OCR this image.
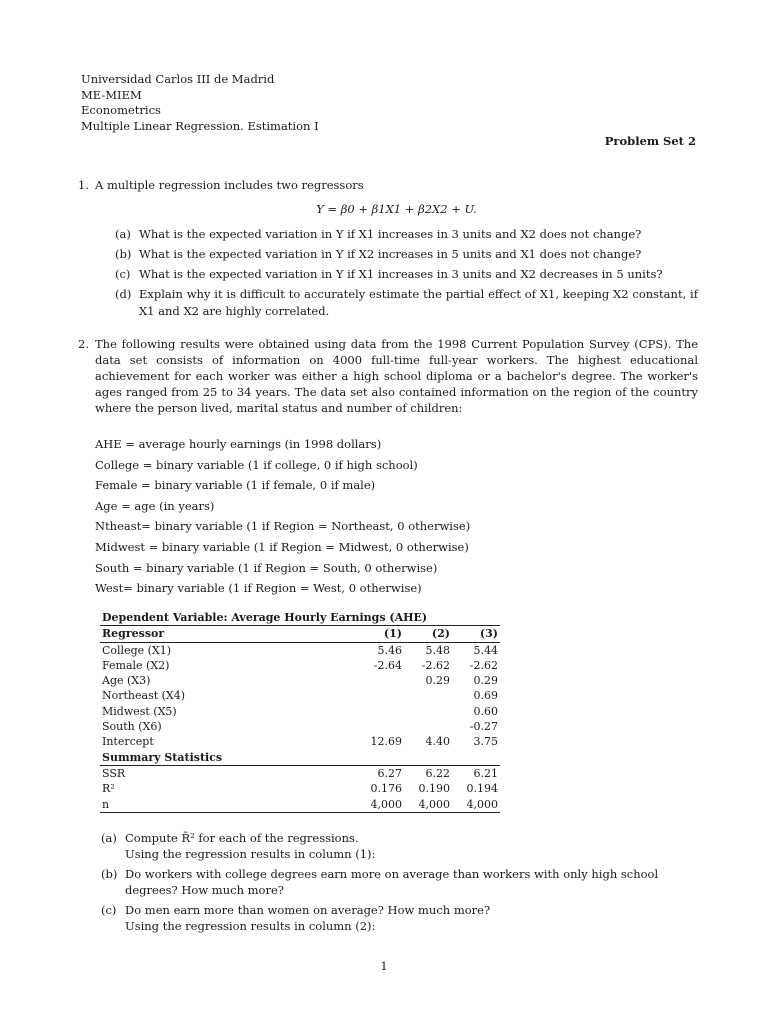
Universidad Carlos III de Madrid
ME-MIEM
Econometrics
Multiple Linear Regression. Estimation I
Problem Set 2
1. A multiple regression includes two regressors
Y = β0 + β1X1 + β2X2 + U.
(a) What is the expected variation in Y if X1 increases in 3 units and X2 does not change?
(b) What is the expected variation in Y if X2 increases in 5 units and X1 does not change?
(c) What is the expected variation in Y if X1 increases in 3 units and X2 decreases in 5 units?
(d) Explain why it is difficult to accurately estimate the partial effect of X1, keeping X2 constant, if X1 and X2 are highly correlated.
2. The following results were obtained using data from the 1998 Current Population Survey (CPS). The data set consists of information on 4000 full-time full-year workers. The highest educational achievement for each worker was either a high school diploma or a bachelor's degree. The worker's ages ranged from 25 to 34 years. The data set also contained information on the region of the country where the person lived, marital status and number of children:
AHE = average hourly earnings (in 1998 dollars)
College = binary variable (1 if college, 0 if high school)
Female = binary variable (1 if female, 0 if male)
Age = age (in years)
Ntheast= binary variable (1 if Region = Northeast, 0 otherwise)
Midwest = binary variable (1 if Region = Midwest, 0 otherwise)
South = binary variable (1 if Region = South, 0 otherwise)
West= binary variable (1 if Region = West, 0 otherwise)
Dependent Variable: Average Hourly Earnings (AHE)			
Regressor	(1)	(2)	(3)
College (X1)	5.46	5.48	5.44
Female (X2)	-2.64	-2.62	-2.62
Age (X3)		0.29	0.29
Northeast (X4)			0.69
Midwest (X5)			0.60
South (X6)			-0.27
Intercept	12.69	4.40	3.75
Summary Statistics			
SSR	6.27	6.22	6.21
R²	0.176	0.190	0.194
n	4,000	4,000	4,000
(a) Compute R̄² for each of the regressions.
Using the regression results in column (1):
(b) Do workers with college degrees earn more on average than workers with only high school degrees? How much more?
(c) Do men earn more than women on average? How much more?
Using the regression results in column (2):
1
